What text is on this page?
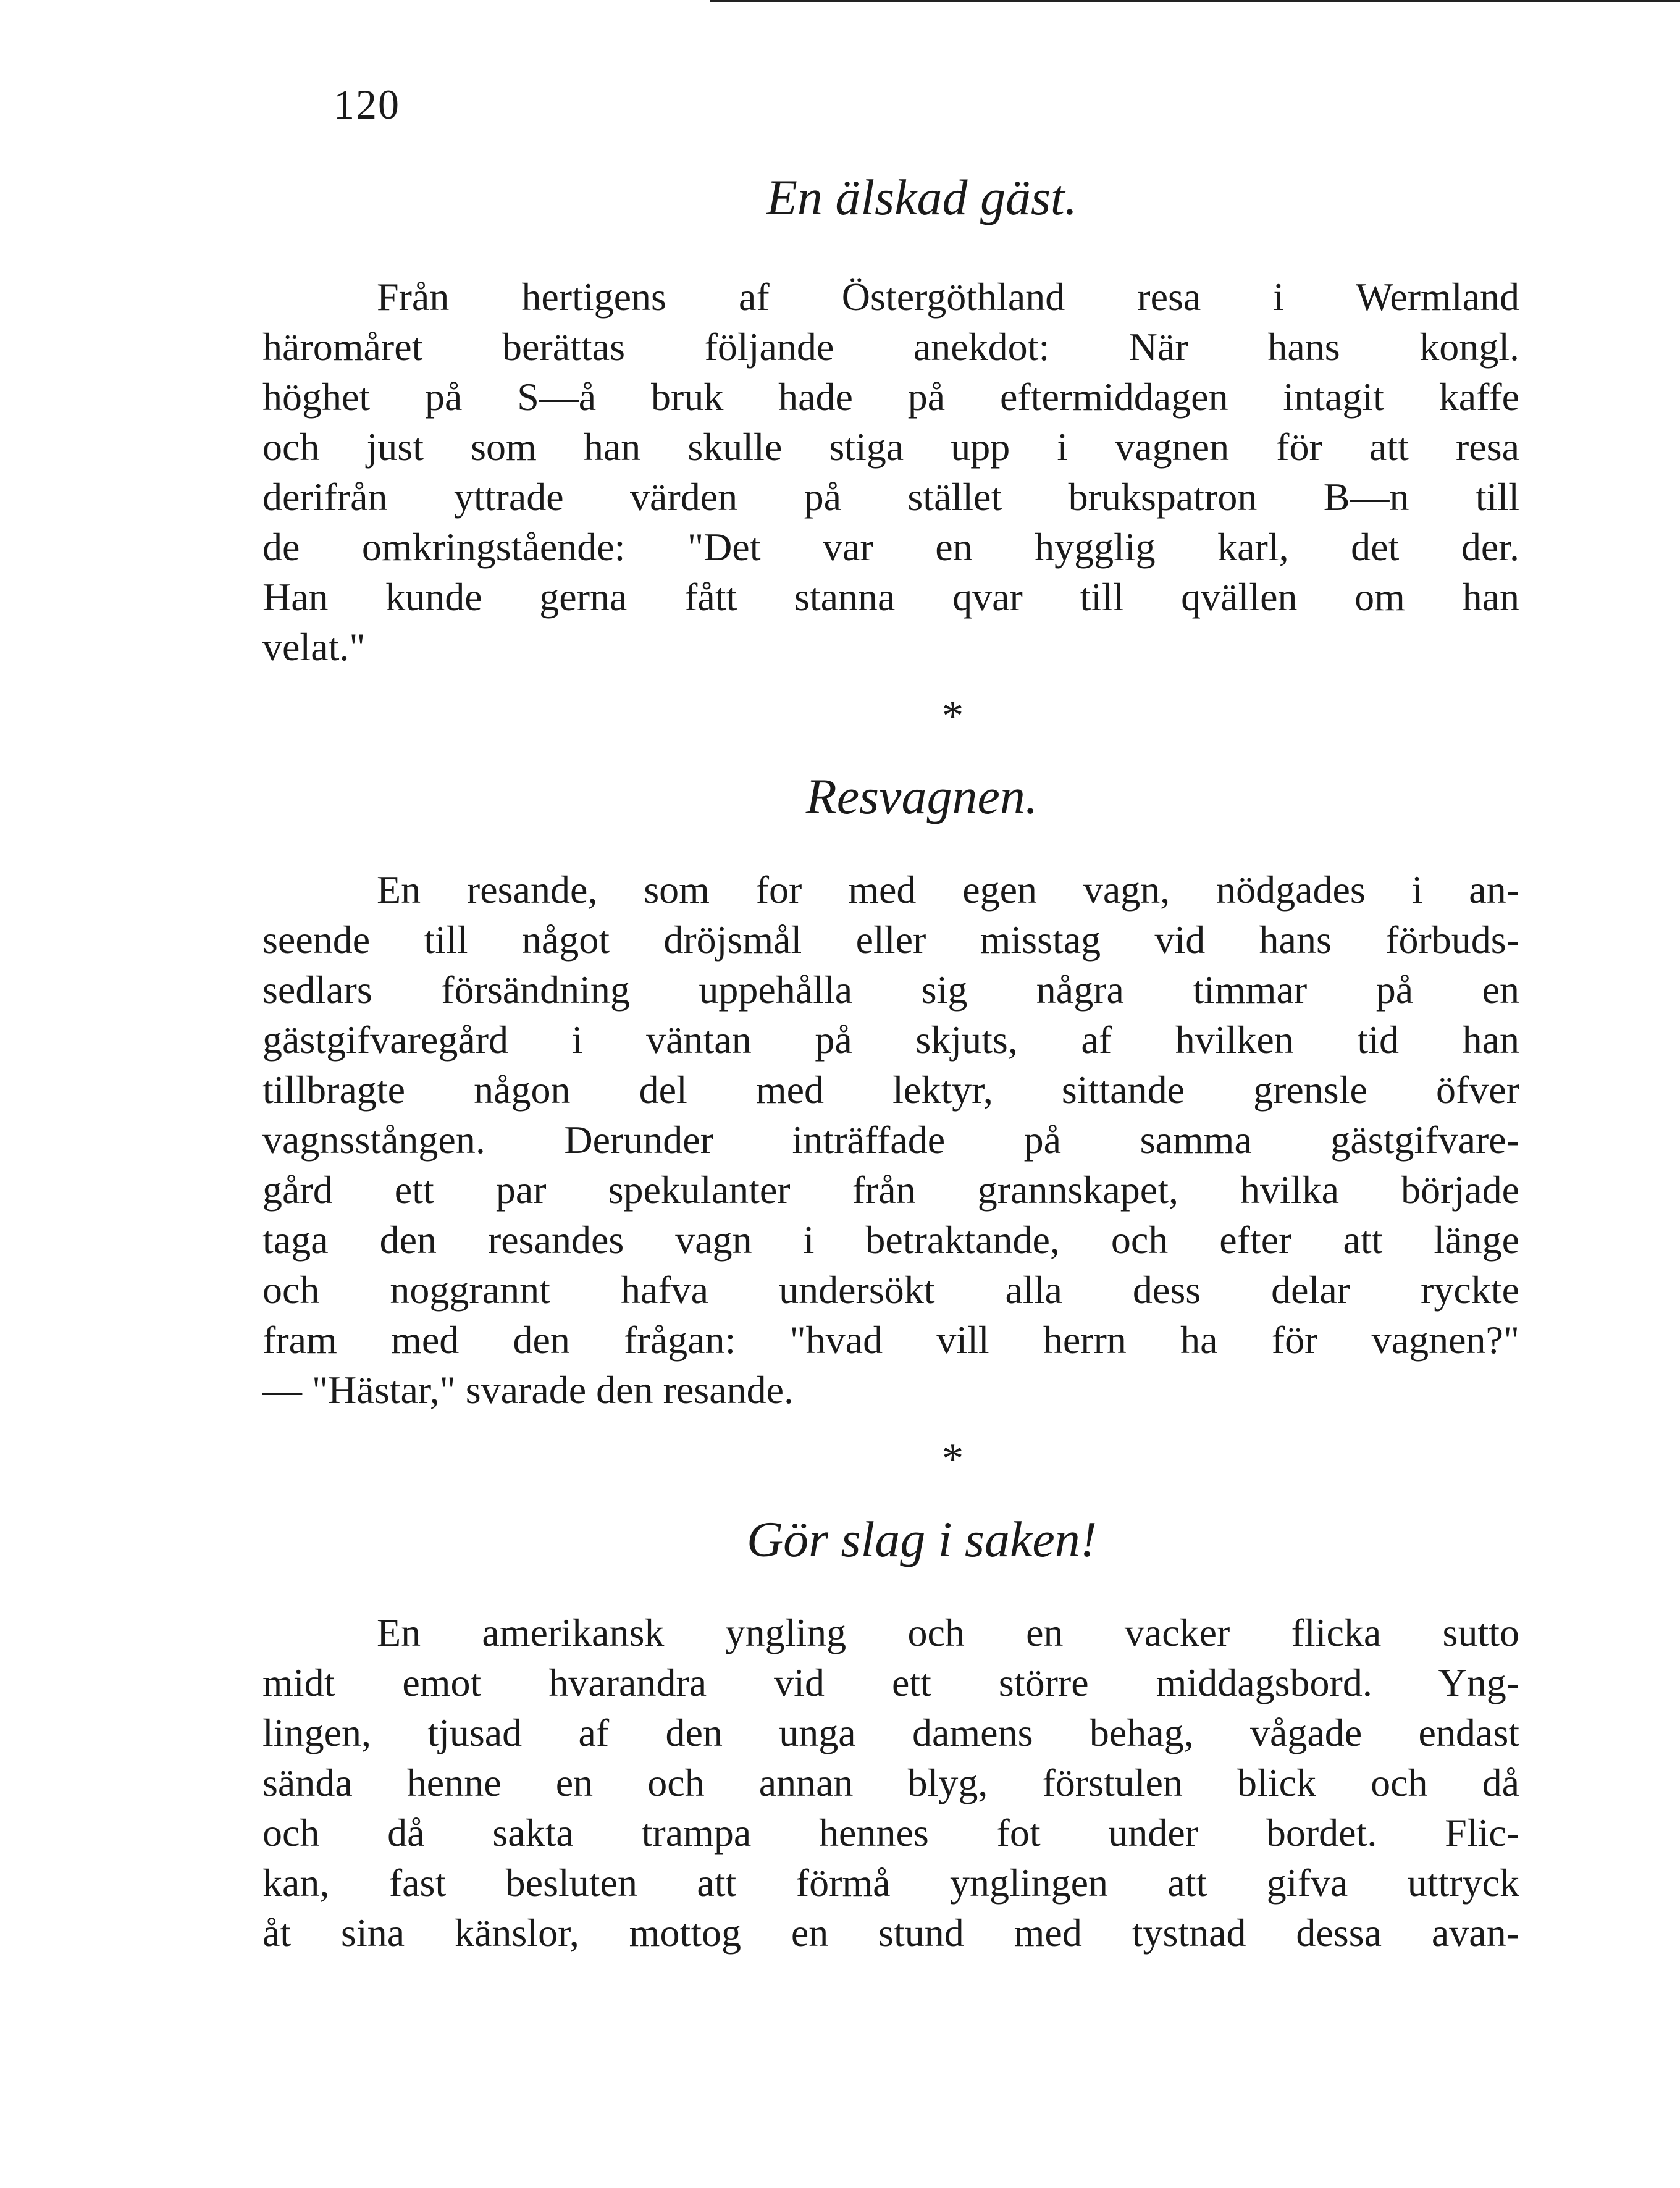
120
En älskad gäst.
Från hertigens af Östergöthland resa i Wermland
häromåret berättas följande anekdot: När hans kongl.
höghet på S—å bruk hade på eftermiddagen intagit kaffe
och just som han skulle stiga upp i vagnen för att resa
derifrån yttrade värden på stället brukspatron B—n till
de omkringstående: "Det var en hygglig karl, det der.
Han kunde gerna fått stanna qvar till qvällen om han
velat."
*
Resvagnen.
En resande, som for med egen vagn, nödgades i an-
seende till något dröjsmål eller misstag vid hans förbuds-
sedlars försändning uppehålla sig några timmar på en
gästgifvaregård i väntan på skjuts, af hvilken tid han
tillbragte någon del med lektyr, sittande grensle öfver
vagnsstången. Derunder inträffade på samma gästgifvare-
gård ett par spekulanter från grannskapet, hvilka började
taga den resandes vagn i betraktande, och efter att länge
och noggrannt hafva undersökt alla dess delar ryckte
fram med den frågan: "hvad vill herrn ha för vagnen?"
— "Hästar," svarade den resande.
*
Gör slag i saken!
En amerikansk yngling och en vacker flicka sutto
midt emot hvarandra vid ett större middagsbord. Yng-
lingen, tjusad af den unga damens behag, vågade endast
sända henne en och annan blyg, förstulen blick och då
och då sakta trampa hennes fot under bordet. Flic-
kan, fast besluten att förmå ynglingen att gifva uttryck
åt sina känslor, mottog en stund med tystnad dessa avan-
